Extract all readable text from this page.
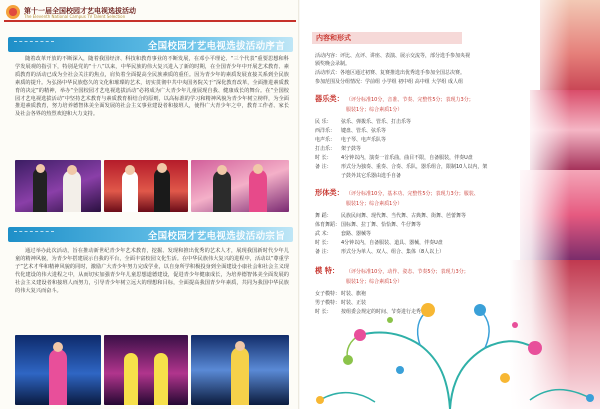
第十一届全国校园才艺电视选拔活动
The Eleventh National Campus TV Talent Selection
全国校园才艺电视选拔活动序言
随着改革开放的不断深入，随着我国经济、科技和教育事业的不断发展，在邓小平理论、“三个代表”重要思想和科学发展观的指引下，特别是党的“十八”以来，中华民族的伟大复兴进入了新的时期，在全国青少年中开展艺术教育、素质教育的活动已成为全社会关注的焦点，肩负着全面提高全民族素质的重任。因为青少年的素质发展直接关系到全民族素质的提升。为弘扬中华民族悠久的文化和璀璨的艺术，切实贯彻中共中央国务院关于“深化教育改革，全面推进素质教育的决定”的精神，举办“全国校园才艺电视选拔活动”必将成为广大青少年儿童展现自我、健康成长的舞台。在“全国校园才艺电视选拔活动”中坚持艺术教育与素质教育相结合的原则，以高标准的学习和精神风貌为青少年树立榜样，为全面推进素质教育，努力培养德智体美全面发展的社会主义事业建设者和接班人，使得广大青少年之中，教育工作者、家长及社会各界的热烈欢迎和大力支持。
全国校园才艺电视选拔活动宗旨
通过举办此次活动，旨在推动新世纪青少年艺术教育，挖掘、发现和推出优秀的艺术人才，展现我国新时代少年儿童的精神风貌，为青少年搭建展示自我的平台，全面丰富校园文化生活。在中华民族伟大复兴的进程中，活动以“尊重学子”艺术才华和精神风貌的同时，激励广大青少年努力完成学业，以自身所学积极投身到全面建设小康社会和社会主义现代化建设的伟大进程之中，从而切实加强青少年儿童思想道德建设，促进青少年健康成长，为培养德智体美全面发展的社会主义建设者和接班人而努力，引导青少年树立远大的理想和目标，全面提高我国青少年素质，共同为我国中华民族的伟大复兴而奋斗。
内容和形式
活动内容：评比、点评、讲座、表演、展示交流等，部分选手参加央视
颁奖晚会录制。
活动形式：各地区通过初赛、复赛推选出优秀选手参加全国总决赛。
参加范围及分组情况：学前组 小学组 初中组 高中组 大学组 成人组
器乐类： （评分标准10分，音准、节奏、完整性5分；表现力3分；
服装1分；综合素质1分）
民 乐： 弦乐、弹拨乐、管乐、打击乐等
西洋乐： 键盘、管乐、弦乐等
电声乐： 电子琴、电声乐队等
打击乐： 架子鼓等
时 长： 4分钟以内，演奏一首乐曲，曲目不限，自备服装，伴奏U盘
备 注： 形式分为独奏、重奏、合奏、乐队，器乐组合，限制10人以内，架
子鼓外其它乐器由选手自备
形体类： （评分标准10分，基本功、完整性5分；表现力3分；服装、
服装1分；综合素质1分）
舞 蹈： 民族民间舞、现代舞、当代舞、古典舞、街舞、芭蕾舞等
体育舞蹈：国标舞、拉丁舞、恰恰舞、牛仔舞等
武 术： 套路、器械等
时 长： 4分钟以内，自备服装、道具、器械，伴奏U盘
备 注： 形式分为单人、双人、组合、集体（8人以上）
模 特： （评分标准10分，动作、姿态、节奏5分；表现力3分；
服装1分；综合素质1分）
女子模特：时装、旗袍
男子模特：时装、正装
时 长： 按组委会规定的时间、节奏进行走秀
